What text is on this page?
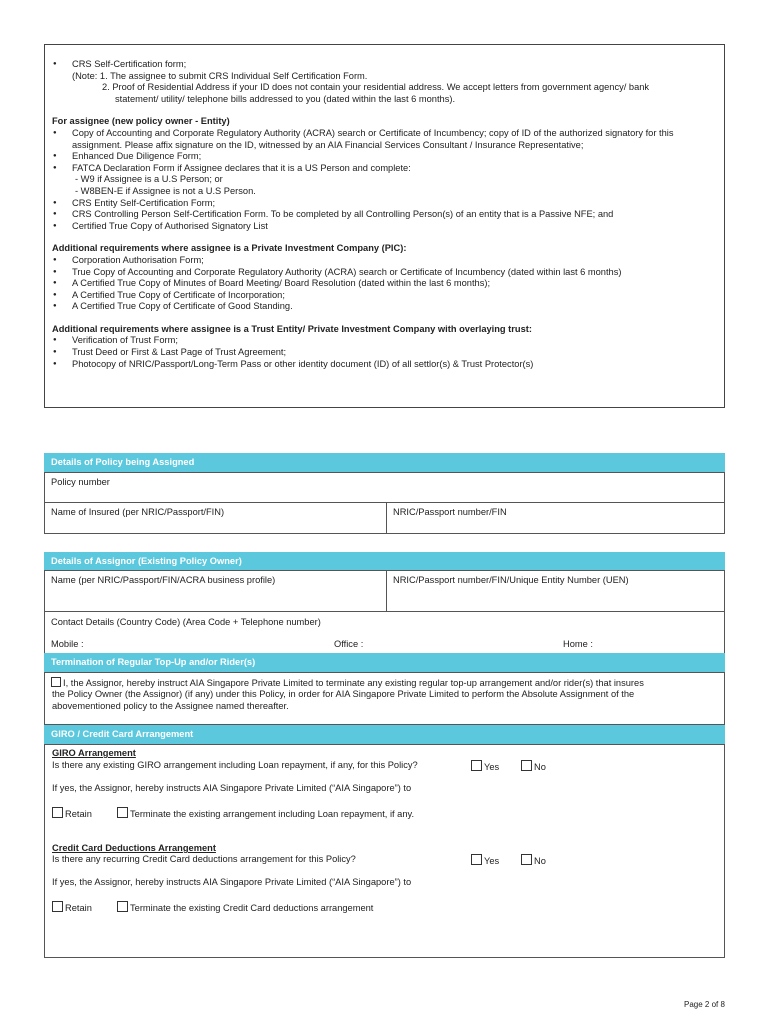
● CRS Self-Certification form;
(Note: 1. The assignee to submit CRS Individual Self Certification Form.
2. Proof of Residential Address if your ID does not contain your residential address. We accept letters from government agency/ bank
statement/ utility/ telephone bills addressed to you (dated within the last 6 months).
For assignee (new policy owner - Entity)
● Copy of Accounting and Corporate Regulatory Authority (ACRA) search or Certificate of Incumbency; copy of ID of the authorized signatory for this assignment. Please affix signature on the ID, witnessed by an AIA Financial Services Consultant / Insurance Representative;
● Enhanced Due Diligence Form;
● FATCA Declaration Form if Assignee declares that it is a US Person and complete:
- W9 if Assignee is a U.S Person; or
- W8BEN-E if Assignee is not a U.S Person.
● CRS Entity Self-Certification Form;
● CRS Controlling Person Self-Certification Form. To be completed by all Controlling Person(s) of an entity that is a Passive NFE; and
● Certified True Copy of Authorised Signatory List
Additional requirements where assignee is a Private Investment Company (PIC):
● Corporation Authorisation Form;
● True Copy of Accounting and Corporate Regulatory Authority (ACRA) search or Certificate of Incumbency (dated within last 6 months)
● A Certified True Copy of Minutes of Board Meeting/ Board Resolution (dated within the last 6 months);
● A Certified True Copy of Certificate of Incorporation;
● A Certified True Copy of Certificate of Good Standing.
Additional requirements where assignee is a Trust Entity/ Private Investment Company with overlaying trust:
● Verification of Trust Form;
● Trust Deed or First & Last Page of Trust Agreement;
● Photocopy of NRIC/Passport/Long-Term Pass or other identity document (ID) of all settlor(s) & Trust Protector(s)
Details of Policy being Assigned
Policy number
Name of Insured (per NRIC/Passport/FIN)	NRIC/Passport number/FIN
Details of Assignor (Existing Policy Owner)
Name (per NRIC/Passport/FIN/ACRA business profile)	NRIC/Passport number/FIN/Unique Entity Number (UEN)
Contact Details (Country Code) (Area Code + Telephone number)
Mobile :	Office :	Home :
Termination of Regular Top-Up and/or Rider(s)
I, the Assignor, hereby instruct AIA Singapore Private Limited to terminate any existing regular top-up arrangement and/or rider(s) that insures
the Policy Owner (the Assignor) (if any) under this Policy, in order for AIA Singapore Private Limited to perform the Absolute Assignment of the
abovementioned policy to the Assignee named thereafter.
GIRO / Credit Card Arrangement
GIRO Arrangement
Is there any existing GIRO arrangement including Loan repayment, if any, for this Policy?	Yes	No
If yes, the Assignor, hereby instructs AIA Singapore Private Limited (“AIA Singapore”) to
Retain	Terminate the existing arrangement including Loan repayment, if any.
Credit Card Deductions Arrangement
Is there any recurring Credit Card deductions arrangement for this Policy?	Yes	No
If yes, the Assignor, hereby instructs AIA Singapore Private Limited (“AIA Singapore”) to
Retain	Terminate the existing Credit Card deductions arrangement
Page 2 of 8
